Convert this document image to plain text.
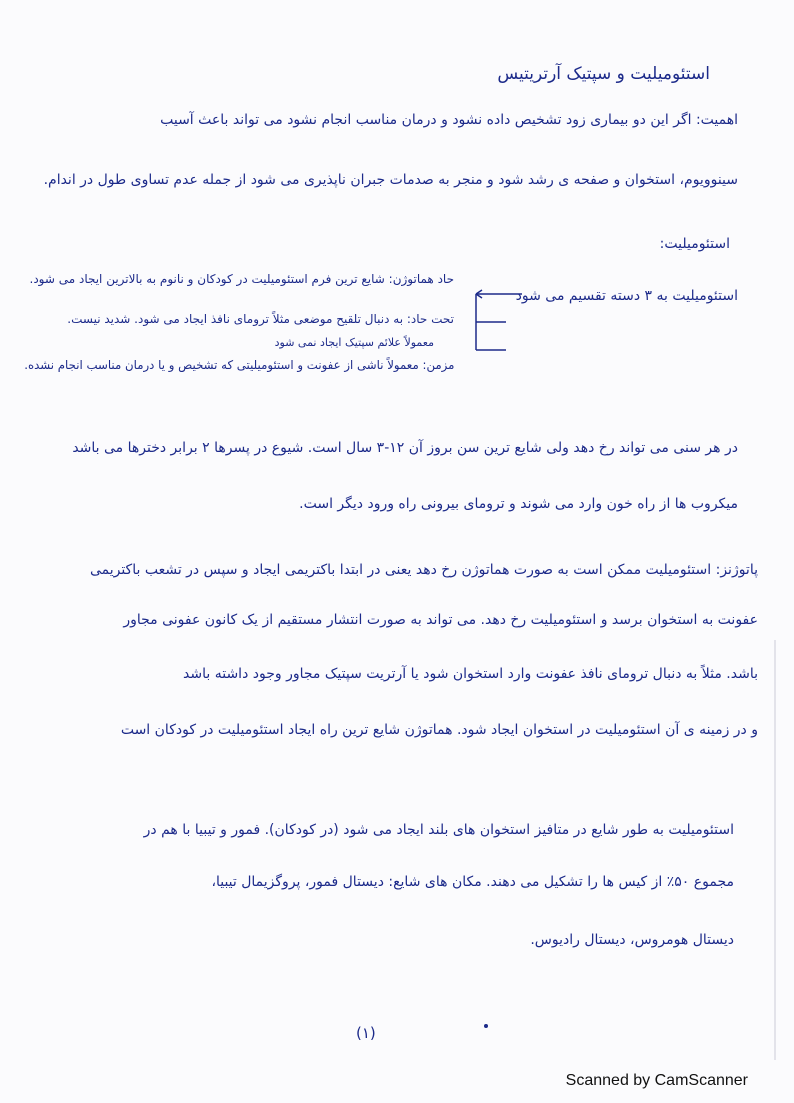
استئومیلیت و سپتیک آرتریتیس
اهمیت: اگر این دو بیماری زود تشخیص داده نشود و درمان مناسب انجام نشود می تواند باعث آسیب
سینوویوم، استخوان و صفحه ی رشد شود و منجر به صدمات جبران ناپذیری می شود از جمله عدم تساوی طول در اندام.
استئومیلیت:
استئومیلیت به ۳ دسته تقسیم می شود
حاد هماتوژن: شایع ترین فرم استئومیلیت در کودکان و نانوم به بالاترین ایجاد می شود.
تحت حاد: به دنبال تلقیح موضعی مثلاً ترومای نافذ ایجاد می شود. شدید نیست.
معمولاً علائم سپتیک ایجاد نمی شود
مزمن: معمولاً ناشی از عفونت و استئومیلیتی که تشخیص و یا درمان مناسب انجام نشده.
در هر سنی می تواند رخ دهد ولی شایع ترین سن بروز آن ۱۲-۳ سال است. شیوع در پسرها ۲ برابر دخترها می باشد
میکروب ها از راه خون وارد می شوند و ترومای بیرونی راه ورود دیگر است.
پاتوژنز: استئومیلیت ممکن است به صورت هماتوژن رخ دهد یعنی در ابتدا باکتریمی ایجاد و سپس در تشعب باکتریمی
عفونت به استخوان برسد و استئومیلیت رخ دهد. می تواند به صورت انتشار مستقیم از یک کانون عفونی مجاور
باشد. مثلاً به دنبال ترومای نافذ عفونت وارد استخوان شود یا آرتریت سپتیک مجاور وجود داشته باشد
و در زمینه ی آن استئومیلیت در استخوان ایجاد شود. هماتوژن شایع ترین راه ایجاد استئومیلیت در کودکان است
استئومیلیت به طور شایع در متافیز استخوان های بلند ایجاد می شود (در کودکان). فمور و تیبیا با هم در
مجموع ۵۰٪ از کیس ها را تشکیل می دهند. مکان های شایع: دیستال فمور، پروگزیمال تیبیا،
دیستال هومروس، دیستال رادیوس.
(۱)
Scanned by CamScanner
